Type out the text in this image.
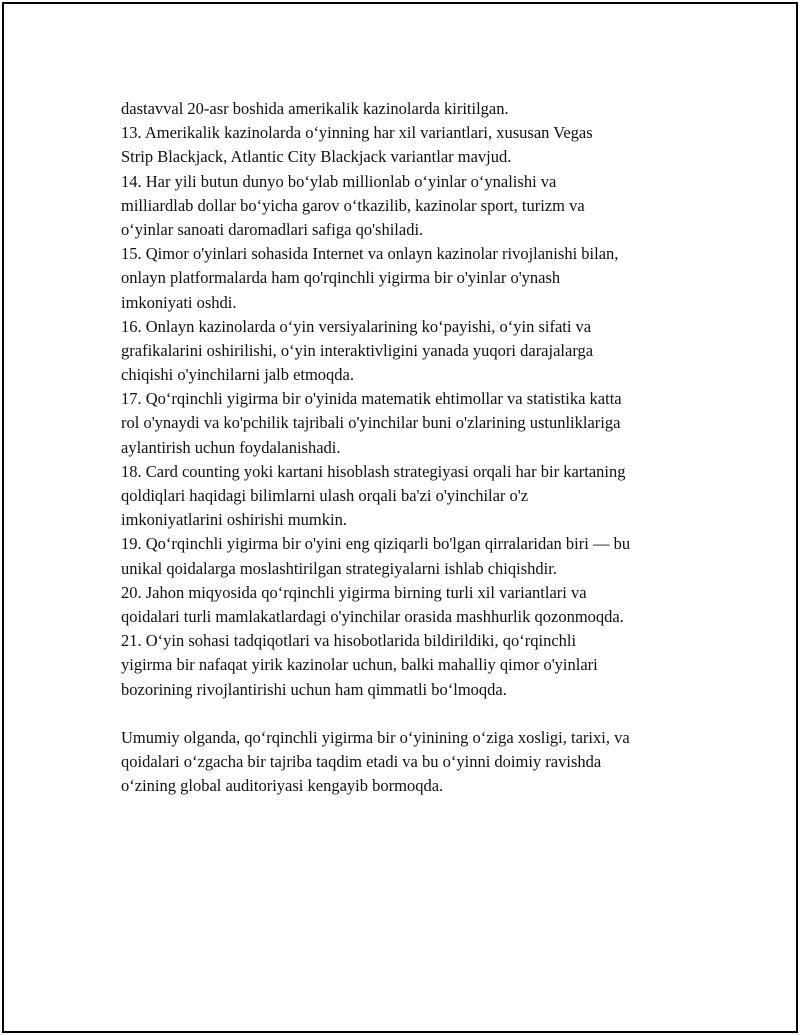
dastavval 20-asr boshida amerikalik kazinolarda kiritilgan.
13. Amerikalik kazinolarda o‘yinning har xil variantlari, xususan Vegas
Strip Blackjack, Atlantic City Blackjack variantlar mavjud.
14. Har yili butun dunyo bo‘ylab millionlab o‘yinlar o‘ynalishi va
milliardlab dollar bo‘yicha garov o‘tkazilib, kazinolar sport, turizm va
o‘yinlar sanoati daromadlari safiga qo'shiladi.
15. Qimor o'yinlari sohasida Internet va onlayn kazinolar rivojlanishi bilan,
onlayn platformalarda ham qo'rqinchli yigirma bir o'yinlar o'ynash
imkoniyati oshdi.
16. Onlayn kazinolarda o‘yin versiyalarining ko‘payishi, o‘yin sifati va
grafikalarini oshirilishi, o‘yin interaktivligini yanada yuqori darajalarga
chiqishi o'yinchilarni jalb etmoqda.
17. Qo‘rqinchli yigirma bir o'yinida matematik ehtimollar va statistika katta
rol o'ynaydi va ko'pchilik tajribali o'yinchilar buni o'zlarining ustunliklariga
aylantirish uchun foydalanishadi.
18. Card counting yoki kartani hisoblash strategiyasi orqali har bir kartaning
qoldiqlari haqidagi bilimlarni ulash orqali ba'zi o'yinchilar o'z
imkoniyatlarini oshirishi mumkin.
19. Qo‘rqinchli yigirma bir o'yini eng qiziqarli bo'lgan qirralaridan biri — bu
unikal qoidalarga moslashtirilgan strategiyalarni ishlab chiqishdir.
20. Jahon miqyosida qo‘rqinchli yigirma birning turli xil variantlari va
qoidalari turli mamlakatlardagi o'yinchilar orasida mashhurlik qozonmoqda.
21. O‘yin sohasi tadqiqotlari va hisobotlarida bildirildiki, qo‘rqinchli
yigirma bir nafaqat yirik kazinolar uchun, balki mahalliy qimor o'yinlari
bozorining rivojlantirishi uchun ham qimmatli bo‘lmoqda.
Umumiy olganda, qo‘rqinchli yigirma bir o‘yinining o‘ziga xosligi, tarixi, va
qoidalari o‘zgacha bir tajriba taqdim etadi va bu o‘yinni doimiy ravishda
o‘zining global auditoriyasi kengayib bormoqda.
